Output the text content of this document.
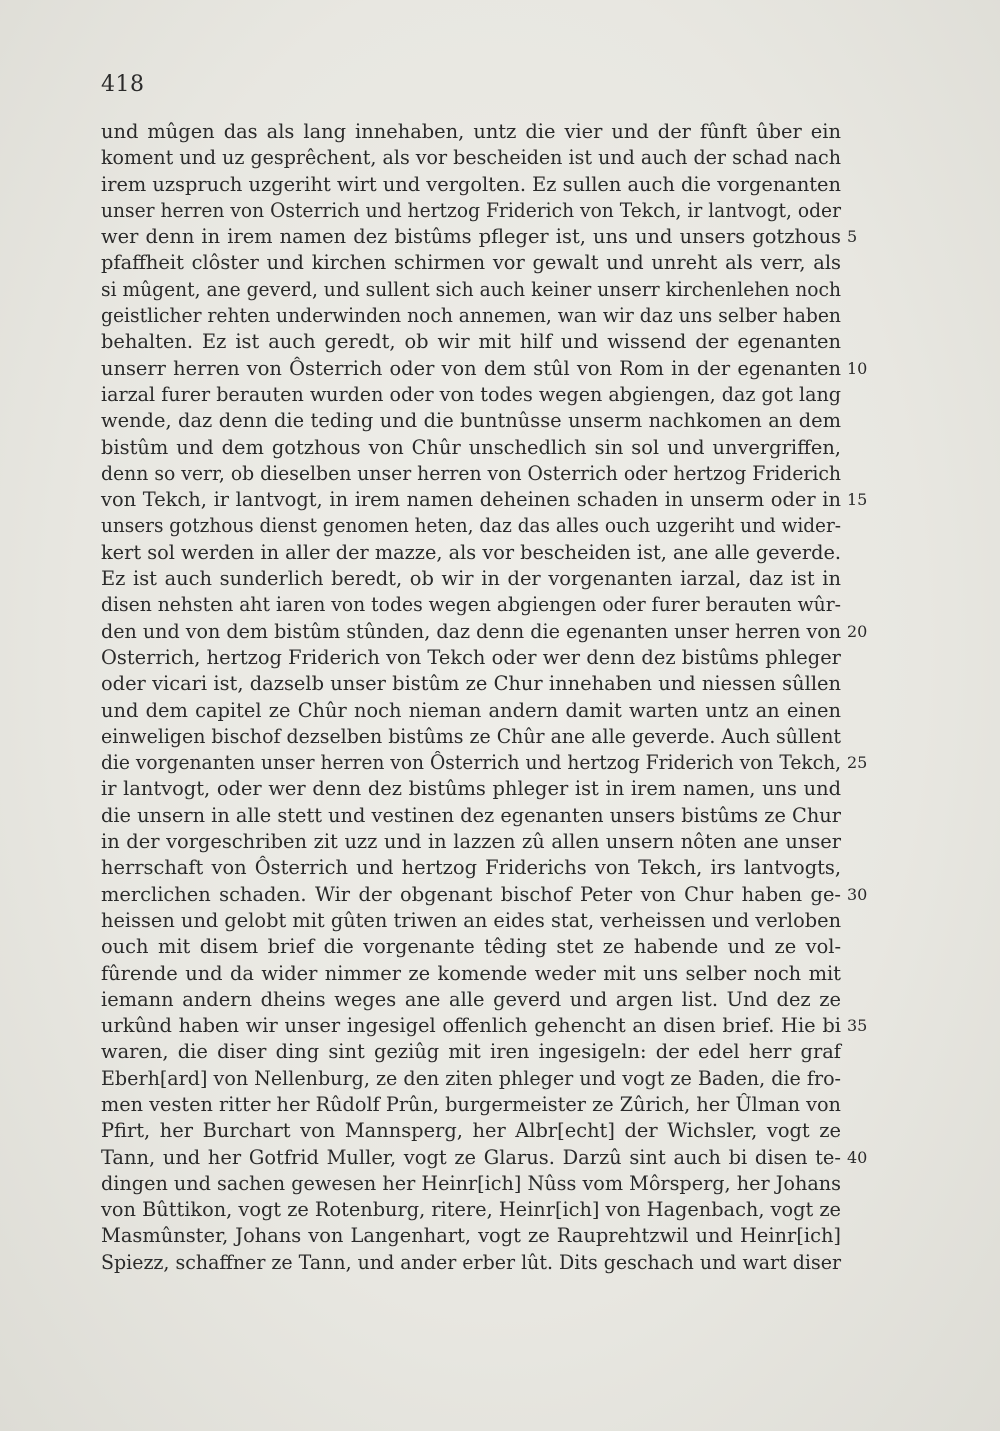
418
und mûgen das als lang innehaben, untz die vier und der fûnft ûber ein
koment und uz gesprêchent, als vor bescheiden ist und auch der schad nach
irem uzspruch uzgeriht wirt und vergolten. Ez sullen auch die vorgenanten
unser herren von Osterrich und hertzog Friderich von Tekch, ir lantvogt, oder
wer denn in irem namen dez bistûms pfleger ist, uns und unsers gotzhous 5
pfaffheit clôster und kirchen schirmen vor gewalt und unreht als verr, als
si mûgent, ane geverd, und sullent sich auch keiner unserr kirchenlehen noch
geistlicher rehten underwinden noch annemen, wan wir daz uns selber haben
behalten. Ez ist auch geredt, ob wir mit hilf und wissend der egenanten
unserr herren von Ôsterrich oder von dem stûl von Rom in der egenanten 10
iarzal furer berauten wurden oder von todes wegen abgiengen, daz got lang
wende, daz denn die teding und die buntnûsse unserm nachkomen an dem
bistûm und dem gotzhous von Chûr unschedlich sin sol und unvergriffen,
denn so verr, ob dieselben unser herren von Osterrich oder hertzog Friderich
von Tekch, ir lantvogt, in irem namen deheinen schaden in unserm oder in 15
unsers gotzhous dienst genomen heten, daz das alles ouch uzgeriht und wider-
kert sol werden in aller der mazze, als vor bescheiden ist, ane alle geverde.
Ez ist auch sunderlich beredt, ob wir in der vorgenanten iarzal, daz ist in
disen nehsten aht iaren von todes wegen abgiengen oder furer berauten wûr-
den und von dem bistûm stûnden, daz denn die egenanten unser herren von 20
Osterrich, hertzog Friderich von Tekch oder wer denn dez bistûms phleger
oder vicari ist, dazselb unser bistûm ze Chur innehaben und niessen sûllen
und dem capitel ze Chûr noch nieman andern damit warten untz an einen
einweligen bischof dezselben bistûms ze Chûr ane alle geverde. Auch sûllent
die vorgenanten unser herren von Ôsterrich und hertzog Friderich von Tekch, 25
ir lantvogt, oder wer denn dez bistûms phleger ist in irem namen, uns und
die unsern in alle stett und vestinen dez egenanten unsers bistûms ze Chur
in der vorgeschriben zit uzz und in lazzen zû allen unsern nôten ane unser
herrschaft von Ôsterrich und hertzog Friderichs von Tekch, irs lantvogts,
merclichen schaden. Wir der obgenant bischof Peter von Chur haben ge- 30
heissen und gelobt mit gûten triwen an eides stat, verheissen und verloben
ouch mit disem brief die vorgenante têding stet ze habende und ze vol-
fûrende und da wider nimmer ze komende weder mit uns selber noch mit
iemann andern dheins weges ane alle geverd und argen list. Und dez ze
urkûnd haben wir unser ingesigel offenlich gehencht an disen brief. Hie bi 35
waren, die diser ding sint geziûg mit iren ingesigeln: der edel herr graf
Eberh[ard] von Nellenburg, ze den ziten phleger und vogt ze Baden, die fro-
men vesten ritter her Rûdolf Prûn, burgermeister ze Zûrich, her Ûlman von
Pfirt, her Burchart von Mannsperg, her Albr[echt] der Wichsler, vogt ze
Tann, und her Gotfrid Muller, vogt ze Glarus. Darzû sint auch bi disen te- 40
dingen und sachen gewesen her Heinr[ich] Nûss vom Môrsperg, her Johans
von Bûttikon, vogt ze Rotenburg, ritere, Heinr[ich] von Hagenbach, vogt ze
Masmûnster, Johans von Langenhart, vogt ze Rauprehtzwil und Heinr[ich]
Spiezz, schaffner ze Tann, und ander erber lût. Dits geschach und wart diser
